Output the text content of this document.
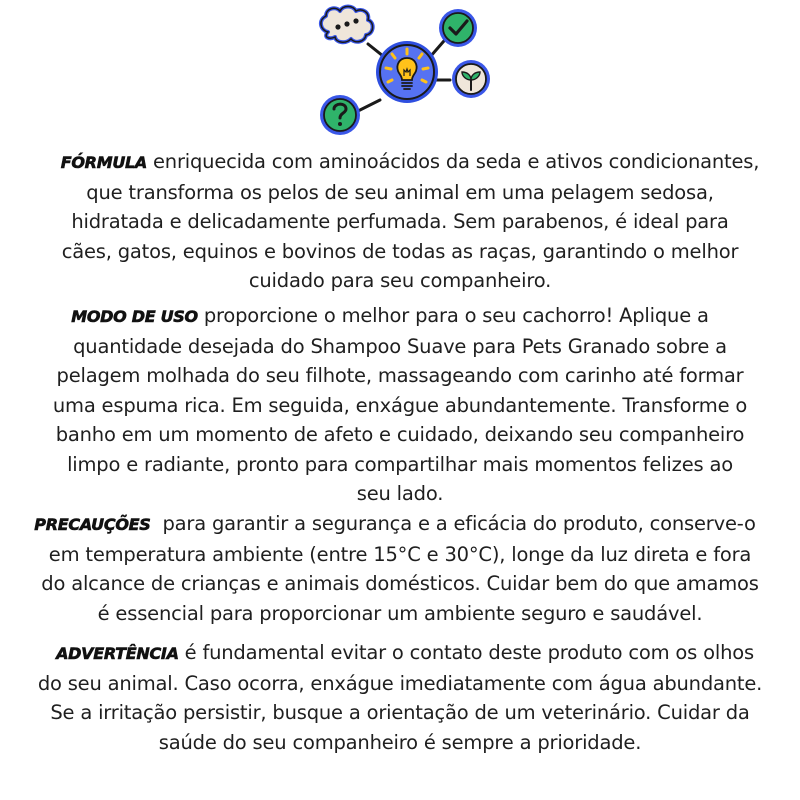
FÓRMULA enriquecida com aminoácidos da seda e ativos condicionantes,
que transforma os pelos de seu animal em uma pelagem sedosa,
hidratada e delicadamente perfumada. Sem parabenos, é ideal para
cães, gatos, equinos e bovinos de todas as raças, garantindo o melhor
cuidado para seu companheiro.

MODO DE USO proporcione o melhor para o seu cachorro! Aplique a
quantidade desejada do Shampoo Suave para Pets Granado sobre a
pelagem molhada do seu filhote, massageando com carinho até formar
uma espuma rica. Em seguida, enxágue abundantemente. Transforme o
banho em um momento de afeto e cuidado, deixando seu companheiro
limpo e radiante, pronto para compartilhar mais momentos felizes ao
seu lado.

PRECAUÇÕES  para garantir a segurança e a eficácia do produto, conserve-o
em temperatura ambiente (entre 15°C e 30°C), longe da luz direta e fora
do alcance de crianças e animais domésticos. Cuidar bem do que amamos
é essencial para proporcionar um ambiente seguro e saudável.

ADVERTÊNCIA é fundamental evitar o contato deste produto com os olhos
do seu animal. Caso ocorra, enxágue imediatamente com água abundante.
Se a irritação persistir, busque a orientação de um veterinário. Cuidar da
saúde do seu companheiro é sempre a prioridade.
